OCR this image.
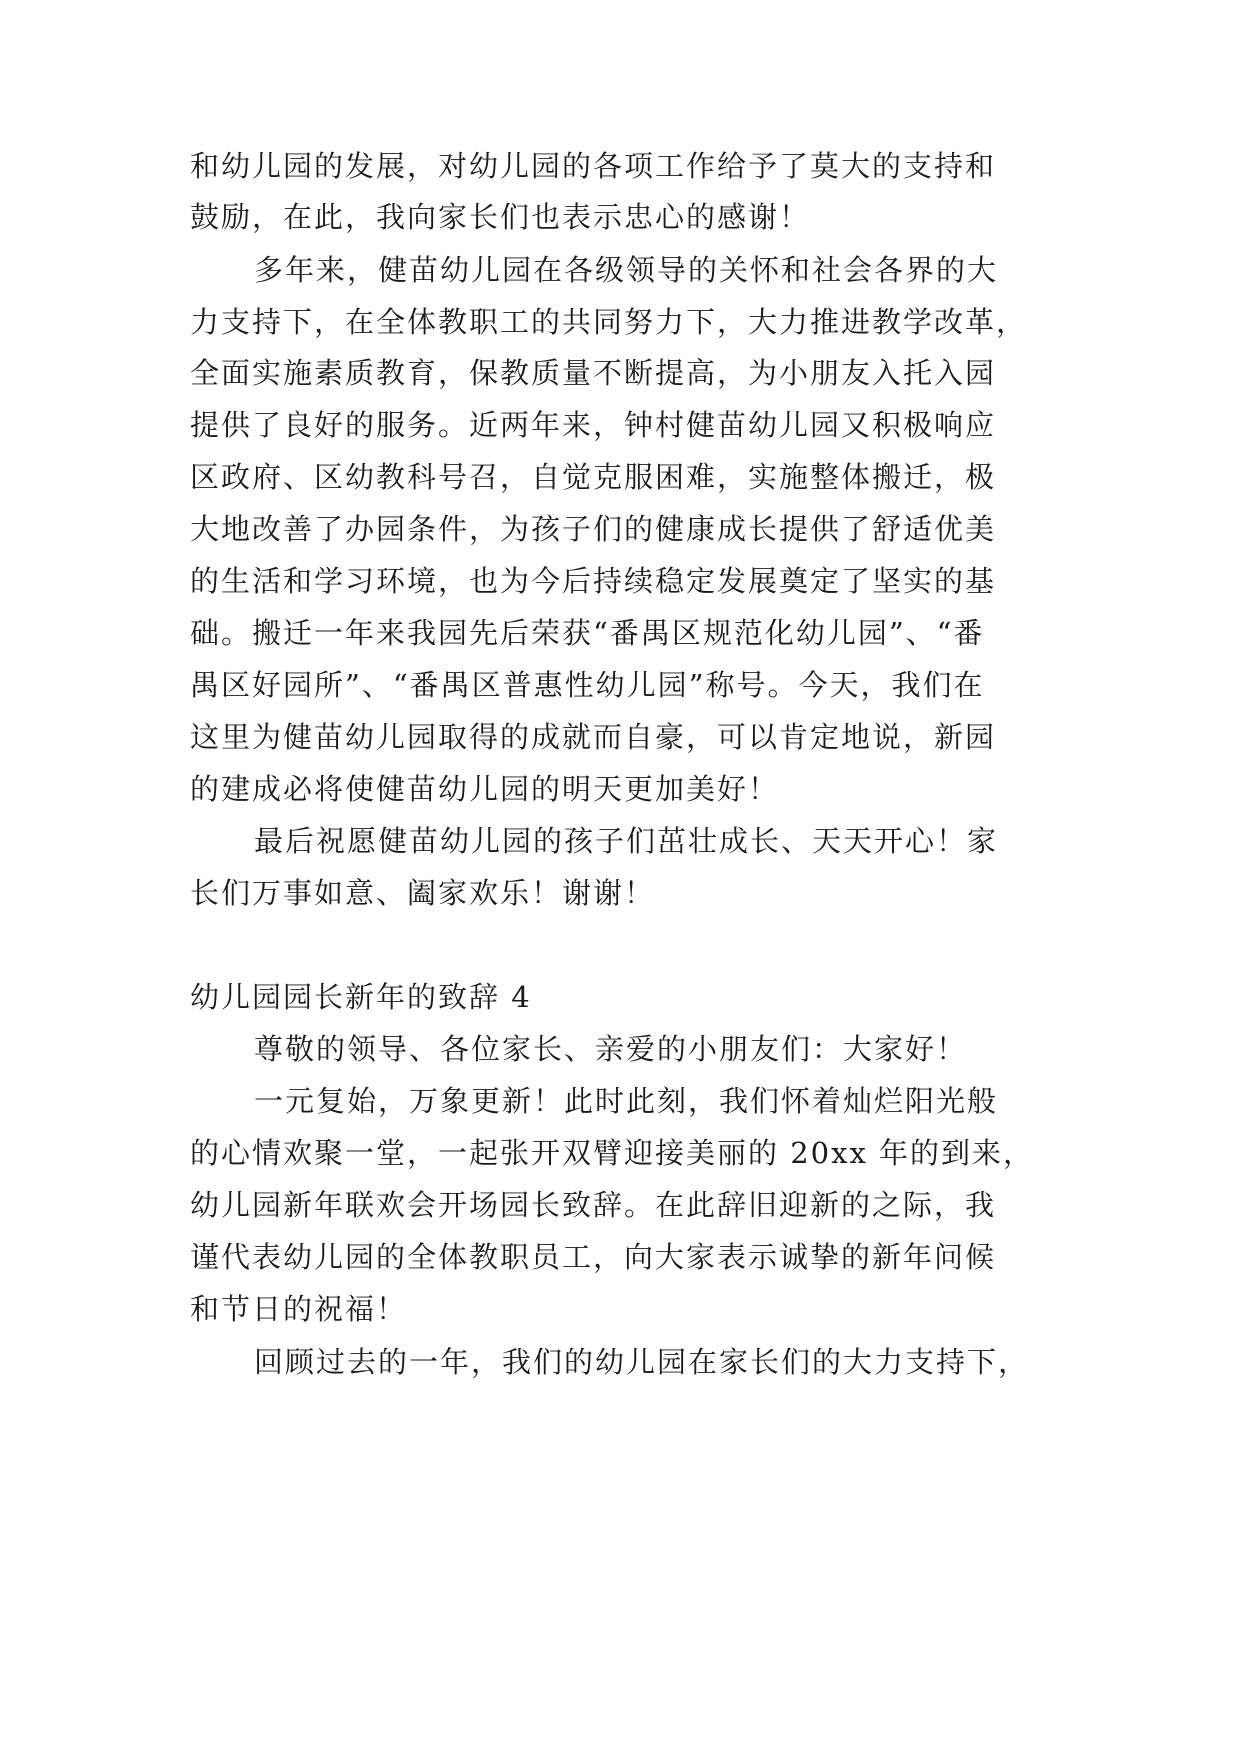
和幼儿园的发展，对幼儿园的各项工作给予了莫大的支持和
鼓励，在此，我向家长们也表示忠心的感谢！
多年来，健苗幼儿园在各级领导的关怀和社会各界的大
力支持下，在全体教职工的共同努力下，大力推进教学改革，
全面实施素质教育，保教质量不断提高，为小朋友入托入园
提供了良好的服务。近两年来，钟村健苗幼儿园又积极响应
区政府、区幼教科号召，自觉克服困难，实施整体搬迁，极
大地改善了办园条件，为孩子们的健康成长提供了舒适优美
的生活和学习环境，也为今后持续稳定发展奠定了坚实的基
础。搬迁一年来我园先后荣获“番禺区规范化幼儿园”、“番
禺区好园所”、“番禺区普惠性幼儿园”称号。今天，我们在
这里为健苗幼儿园取得的成就而自豪，可以肯定地说，新园
的建成必将使健苗幼儿园的明天更加美好！
最后祝愿健苗幼儿园的孩子们茁壮成长、天天开心！家
长们万事如意、阖家欢乐！谢谢！
幼儿园园长新年的致辞 4
尊敬的领导、各位家长、亲爱的小朋友们：大家好！
一元复始，万象更新！此时此刻，我们怀着灿烂阳光般
的心情欢聚一堂，一起张开双臂迎接美丽的 20xx 年的到来，
幼儿园新年联欢会开场园长致辞。在此辞旧迎新的之际，我
谨代表幼儿园的全体教职员工，向大家表示诚挚的新年问候
和节日的祝福！
回顾过去的一年，我们的幼儿园在家长们的大力支持下，
